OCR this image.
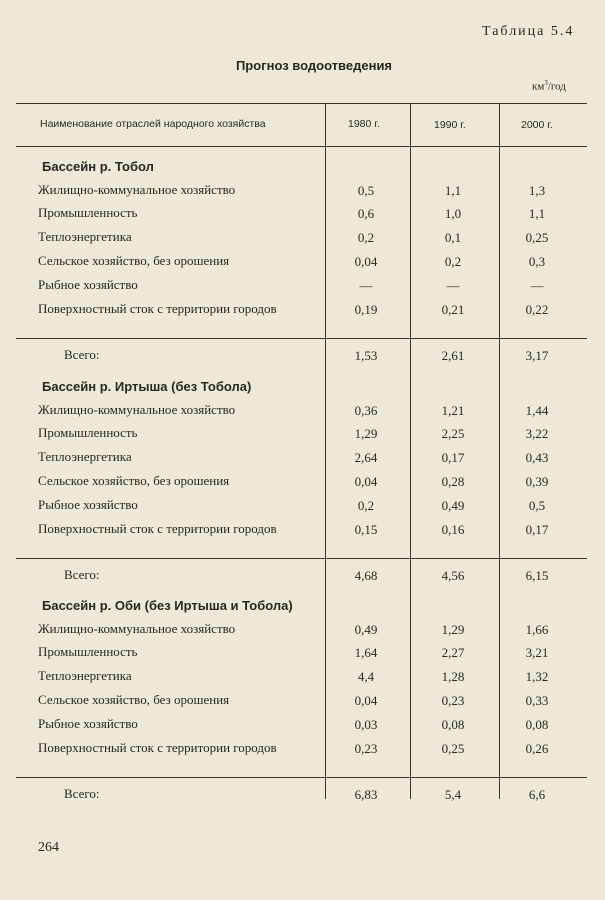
Таблица 5.4
Прогноз водоотведения
$км^3$/год
Наименование отраслей народного хозяйства	1980 г.	1990 г.	2000 г.
Бассейн р. Тобол
Жилищно-коммунальное хозяйство	0,5	1,1	1,3
Промышленность	0,6	1,0	1,1
Теплоэнергетика	0,2	0,1	0,25
Сельское хозяйство, без орошения	0,04	0,2	0,3
Рыбное хозяйство	—	—	—
Поверхностный сток с территории городов	0,19	0,21	0,22
Всего:	1,53	2,61	3,17
Бассейн р. Иртыша (без Тобола)
Жилищно-коммунальное хозяйство	0,36	1,21	1,44
Промышленность	1,29	2,25	3,22
Теплоэнергетика	2,64	0,17	0,43
Сельское хозяйство, без орошения	0,04	0,28	0,39
Рыбное хозяйство	0,2	0,49	0,5
Поверхностный сток с территории городов	0,15	0,16	0,17
Всего:	4,68	4,56	6,15
Бассейн р. Оби (без Иртыша и Тобола)
Жилищно-коммунальное хозяйство	0,49	1,29	1,66
Промышленность	1,64	2,27	3,21
Теплоэнергетика	4,4	1,28	1,32
Сельское хозяйство, без орошения	0,04	0,23	0,33
Рыбное хозяйство	0,03	0,08	0,08
Поверхностный сток с территории городов	0,23	0,25	0,26
Всего:	6,83	5,4	6,6
264
